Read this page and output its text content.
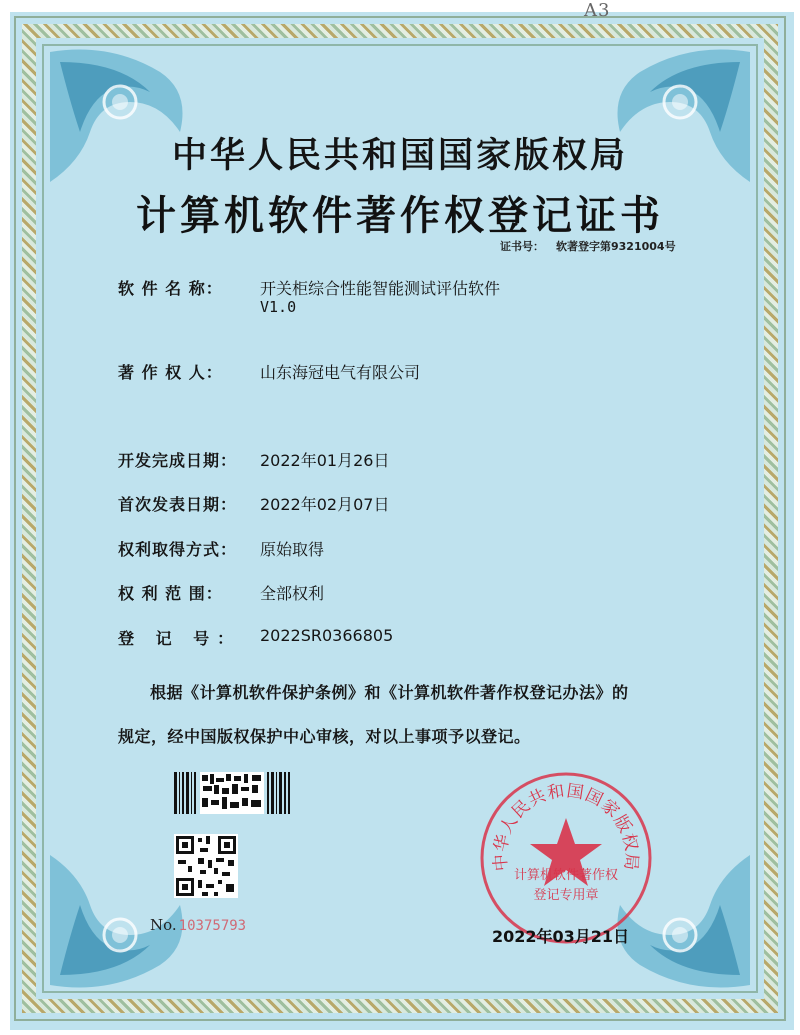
A3
中华人民共和国国家版权局
计算机软件著作权登记证书
证书号： 软著登字第9321004号
软 件 名 称：	开关柜综合性能智能测试评估软件
V1.0
著 作 权 人：	山东海冠电气有限公司
开发完成日期：	2022年01月26日
首次发表日期：	2022年02月07日
权利取得方式：	原始取得
权 利 范 围：	全部权利
登 记 号：	2022SR0366805
根据《计算机软件保护条例》和《计算机软件著作权登记办法》的
规定，经中国版权保护中心审核，对以上事项予以登记。
No. 10375793
中华人民共和国国家版权局
计算机软件著作权
登记专用章
2022年03月21日
